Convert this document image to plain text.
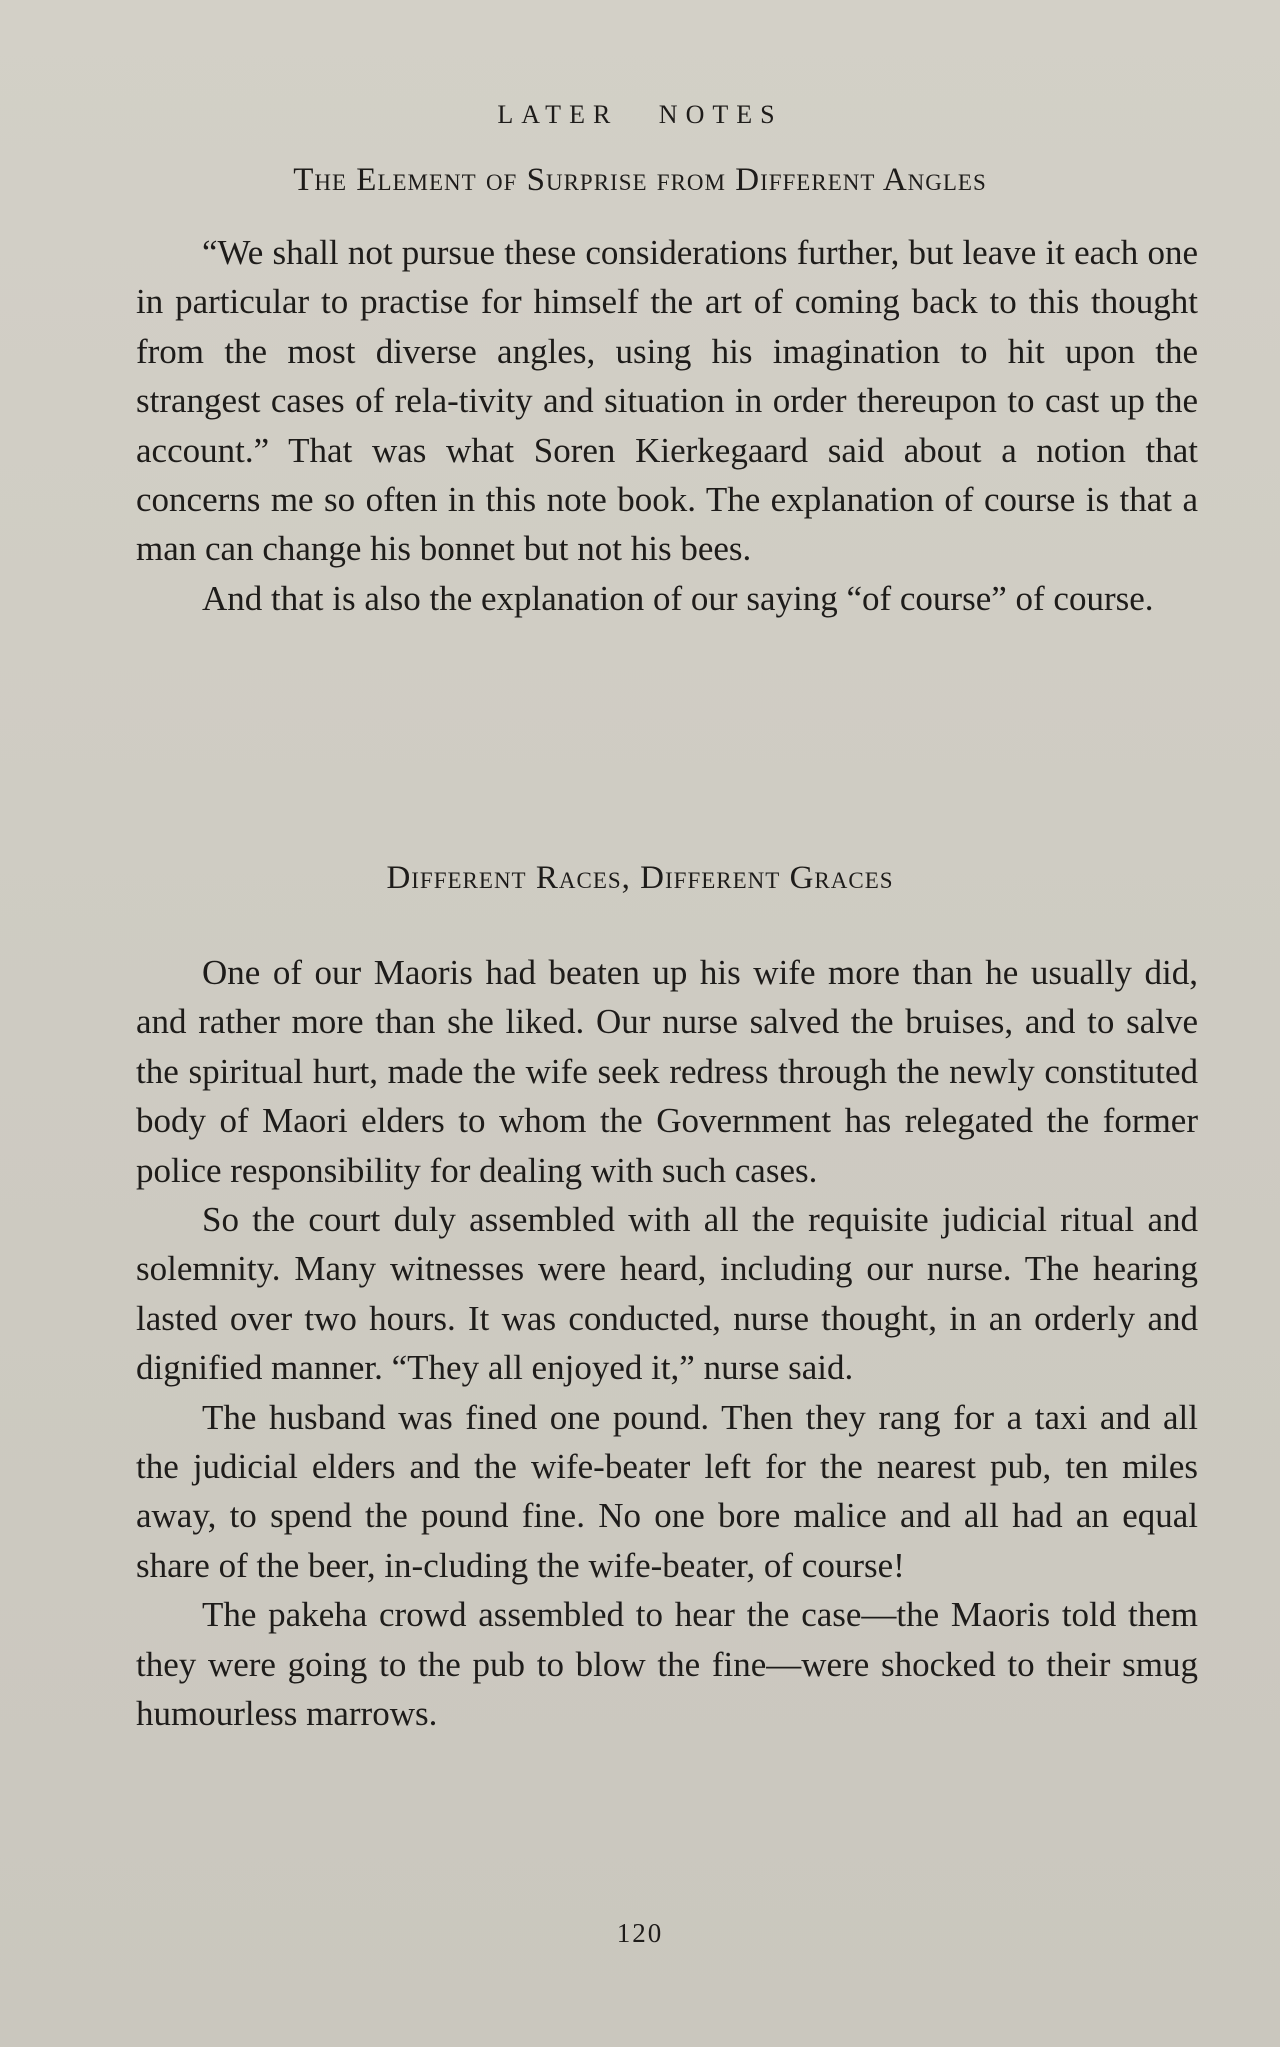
LATER NOTES
The Element of Surprise from Different Angles

“We shall not pursue these considerations further, but leave it each one in particular to practise for himself the art of coming back to this thought from the most diverse angles, using his imagination to hit upon the strangest cases of rela-tivity and situation in order thereupon to cast up the account.” That was what Soren Kierkegaard said about a notion that concerns me so often in this note book. The explanation of course is that a man can change his bonnet but not his bees.

And that is also the explanation of our saying “of course” of course.

Different Races, Different Graces

One of our Maoris had beaten up his wife more than he usually did, and rather more than she liked. Our nurse salved the bruises, and to salve the spiritual hurt, made the wife seek redress through the newly constituted body of Maori elders to whom the Government has relegated the former police responsibility for dealing with such cases.

So the court duly assembled with all the requisite judicial ritual and solemnity. Many witnesses were heard, including our nurse. The hearing lasted over two hours. It was conducted, nurse thought, in an orderly and dignified manner. “They all enjoyed it,” nurse said.

The husband was fined one pound. Then they rang for a taxi and all the judicial elders and the wife-beater left for the nearest pub, ten miles away, to spend the pound fine. No one bore malice and all had an equal share of the beer, in-cluding the wife-beater, of course!

The pakeha crowd assembled to hear the case—the Maoris told them they were going to the pub to blow the fine—were shocked to their smug humourless marrows.

120
